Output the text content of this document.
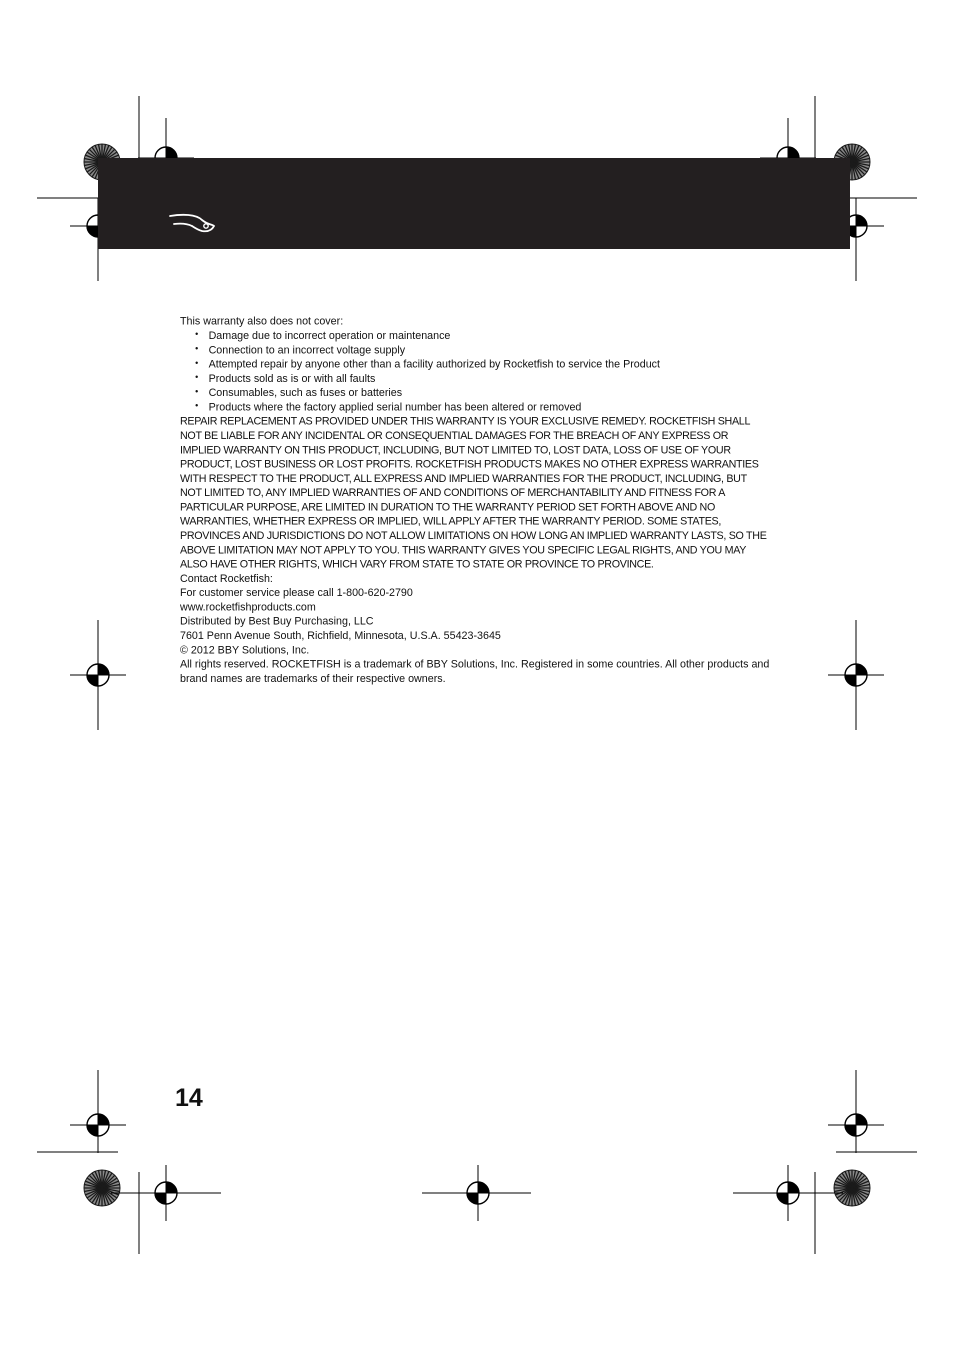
This warranty also does not cover:

• Damage due to incorrect operation or maintenance
• Connection to an incorrect voltage supply
• Attempted repair by anyone other than a facility authorized by Rocketfish to service the Product
• Products sold as is or with all faults
• Consumables, such as fuses or batteries
• Products where the factory applied serial number has been altered or removed

REPAIR REPLACEMENT AS PROVIDED UNDER THIS WARRANTY IS YOUR EXCLUSIVE REMEDY. ROCKETFISH SHALL NOT BE LIABLE FOR ANY INCIDENTAL OR CONSEQUENTIAL DAMAGES FOR THE BREACH OF ANY EXPRESS OR IMPLIED WARRANTY ON THIS PRODUCT, INCLUDING, BUT NOT LIMITED TO, LOST DATA, LOSS OF USE OF YOUR PRODUCT, LOST BUSINESS OR LOST PROFITS. ROCKETFISH PRODUCTS MAKES NO OTHER EXPRESS WARRANTIES WITH RESPECT TO THE PRODUCT, ALL EXPRESS AND IMPLIED WARRANTIES FOR THE PRODUCT, INCLUDING, BUT NOT LIMITED TO, ANY IMPLIED WARRANTIES OF AND CONDITIONS OF MERCHANTABILITY AND FITNESS FOR A PARTICULAR PURPOSE, ARE LIMITED IN DURATION TO THE WARRANTY PERIOD SET FORTH ABOVE AND NO WARRANTIES, WHETHER EXPRESS OR IMPLIED, WILL APPLY AFTER THE WARRANTY PERIOD. SOME STATES, PROVINCES AND JURISDICTIONS DO NOT ALLOW LIMITATIONS ON HOW LONG AN IMPLIED WARRANTY LASTS, SO THE ABOVE LIMITATION MAY NOT APPLY TO YOU. THIS WARRANTY GIVES YOU SPECIFIC LEGAL RIGHTS, AND YOU MAY ALSO HAVE OTHER RIGHTS, WHICH VARY FROM STATE TO STATE OR PROVINCE TO PROVINCE.

Contact Rocketfish:

For customer service please call 1-800-620-2790

www.rocketfishproducts.com

Distributed by Best Buy Purchasing, LLC

7601 Penn Avenue South, Richfield, Minnesota, U.S.A. 55423-3645

© 2012 BBY Solutions, Inc.

All rights reserved. ROCKETFISH is a trademark of BBY Solutions, Inc. Registered in some countries. All other products and brand names are trademarks of their respective owners.

14
